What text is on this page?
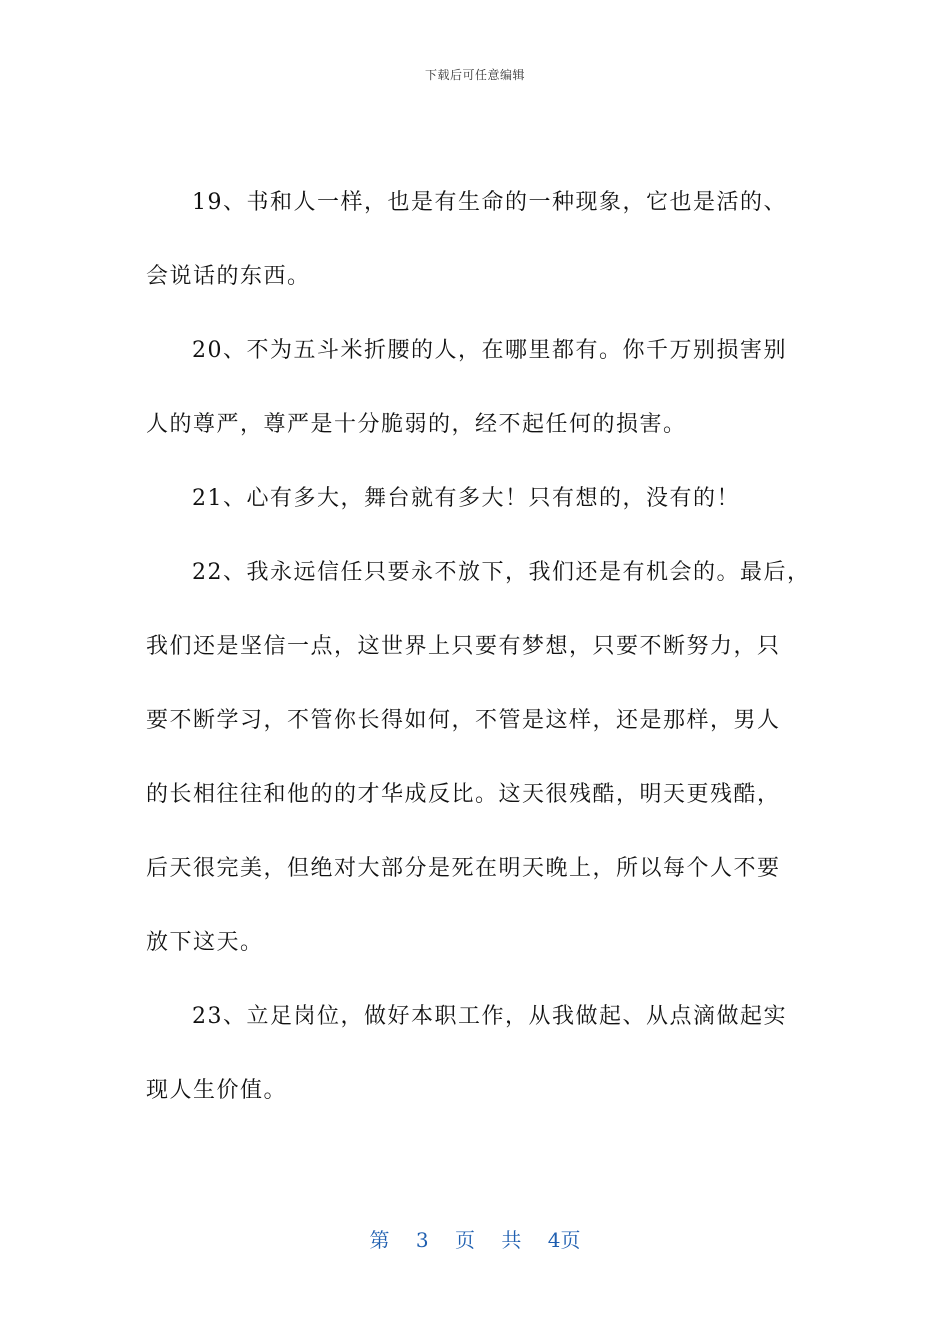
下载后可任意编辑
19、书和人一样，也是有生命的一种现象，它也是活的、
会说话的东西。
20、不为五斗米折腰的人，在哪里都有。你千万别损害别
人的尊严，尊严是十分脆弱的，经不起任何的损害。
21、心有多大，舞台就有多大！只有想的，没有的！
22、我永远信任只要永不放下，我们还是有机会的。最后，
我们还是坚信一点，这世界上只要有梦想，只要不断努力，只
要不断学习，不管你长得如何，不管是这样，还是那样，男人
的长相往往和他的的才华成反比。这天很残酷，明天更残酷，
后天很完美，但绝对大部分是死在明天晚上，所以每个人不要
放下这天。
23、立足岗位，做好本职工作，从我做起、从点滴做起实
现人生价值。
第 3 页 共 4页
